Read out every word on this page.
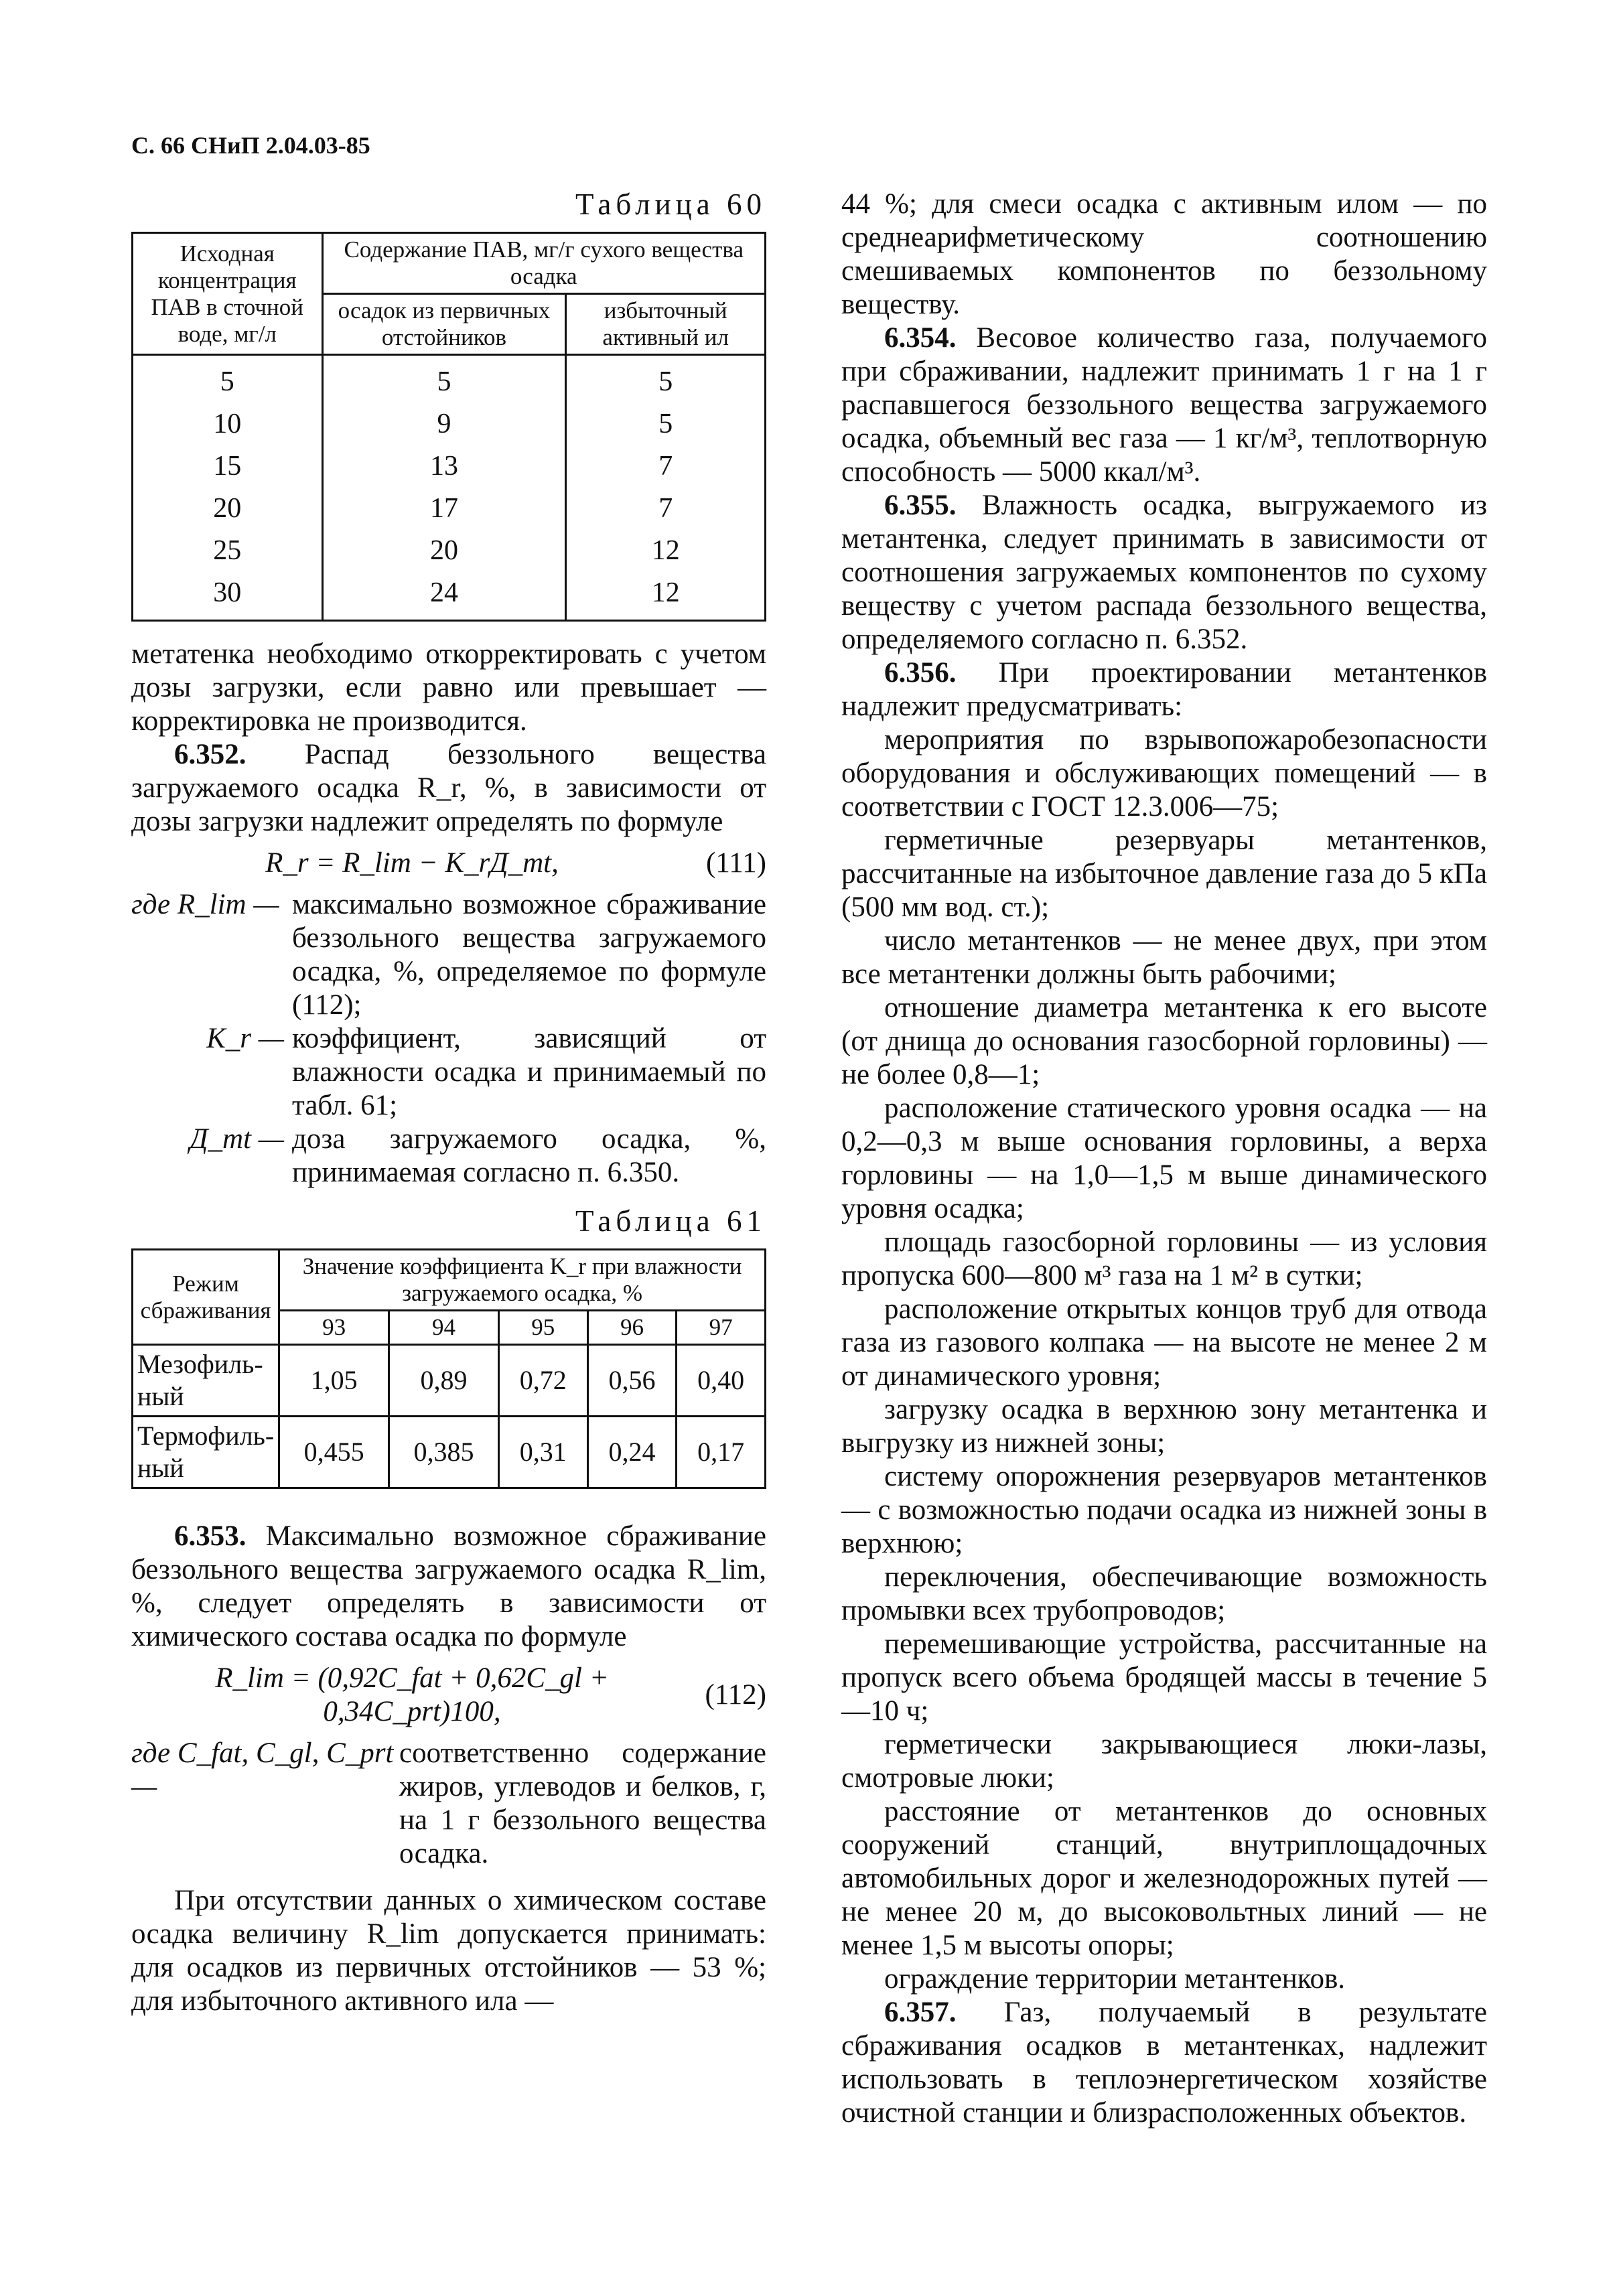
С. 66 СНиП 2.04.03-85
Таблица 60
Исходная концентрация ПАВ в сточной воде, мг/л	Содержание ПАВ, мг/г сухого вещества осадка	
	осадок из первичных отстойников	избыточный активный ил
5	5	5
10	9	5
15	13	7
20	17	7
25	20	12
30	24	12

метатенка необходимо откорректировать с учетом дозы загрузки, если равно или превышает — корректировка не производится.

6.352. Распад беззольного вещества загружаемого осадка R_r, %, в зависимости от дозы загрузки надлежит определять по формуле

R_r = R_lim − K_rД_mt,	(111)
где R_lim — максимально возможное сбраживание беззольного вещества загружаемого осадка, %, определяемое по формуле (112);
K_r — коэффициент, зависящий от влажности осадка и принимаемый по табл. 61;
Д_mt — доза загружаемого осадка, %, принимаемая согласно п. 6.350.
Таблица 61
Режим сбраживания	Значение коэффициента K_r при влажности загружаемого осадка, %				
	93	94	95	96	97
Мезофиль-ный	1,05	0,89	0,72	0,56	0,40
Термофиль-ный	0,455	0,385	0,31	0,24	0,17

6.353. Максимально возможное сбраживание беззольного вещества загружаемого осадка R_lim, %, следует определять в зависимости от химического состава осадка по формуле

R_lim = (0,92C_fat + 0,62C_gl + 0,34C_prt)100,
(112)
где C_fat, C_gl, C_prt —
соответственно содержание жиров, углеводов и белков, г, на 1 г беззольного вещества осадка.

При отсутствии данных о химическом составе осадка величину R_lim допускается принимать: для осадков из первичных отстойников — 53 %; для избыточного активного ила —

44 %; для смеси осадка с активным илом — по среднеарифметическому соотношению смешиваемых компонентов по беззольному веществу.

6.354. Весовое количество газа, получаемого при сбраживании, надлежит принимать 1 г на 1 г распавшегося беззольного вещества загружаемого осадка, объемный вес газа — 1 кг/м³, теплотворную способность — 5000 ккал/м³.

6.355. Влажность осадка, выгружаемого из метантенка, следует принимать в зависимости от соотношения загружаемых компонентов по сухому веществу с учетом распада беззольного вещества, определяемого согласно п. 6.352.

6.356. При проектировании метантенков надлежит предусматривать:

мероприятия по взрывопожаробезопасности оборудования и обслуживающих помещений — в соответствии с ГОСТ 12.3.006—75;
герметичные резервуары метантенков, рассчитанные на избыточное давление газа до 5 кПа (500 мм вод. ст.);
число метантенков — не менее двух, при этом все метантенки должны быть рабочими;
отношение диаметра метантенка к его высоте (от днища до основания газосборной горловины) — не более 0,8—1;
расположение статического уровня осадка — на 0,2—0,3 м выше основания горловины, а верха горловины — на 1,0—1,5 м выше динамического уровня осадка;
площадь газосборной горловины — из условия пропуска 600—800 м³ газа на 1 м² в сутки;
расположение открытых концов труб для отвода газа из газового колпака — на высоте не менее 2 м от динамического уровня;
загрузку осадка в верхнюю зону метантенка и выгрузку из нижней зоны;
систему опорожнения резервуаров метантенков — с возможностью подачи осадка из нижней зоны в верхнюю;
переключения, обеспечивающие возможность промывки всех трубопроводов;
перемешивающие устройства, рассчитанные на пропуск всего объема бродящей массы в течение 5—10 ч;
герметически закрывающиеся люки-лазы, смотровые люки;
расстояние от метантенков до основных сооружений станций, внутриплощадочных автомобильных дорог и железнодорожных путей — не менее 20 м, до высоковольтных линий — не менее 1,5 м высоты опоры;
ограждение территории метантенков.

6.357. Газ, получаемый в результате сбраживания осадков в метантенках, надлежит использовать в теплоэнергетическом хозяйстве очистной станции и близрасположенных объектов.
